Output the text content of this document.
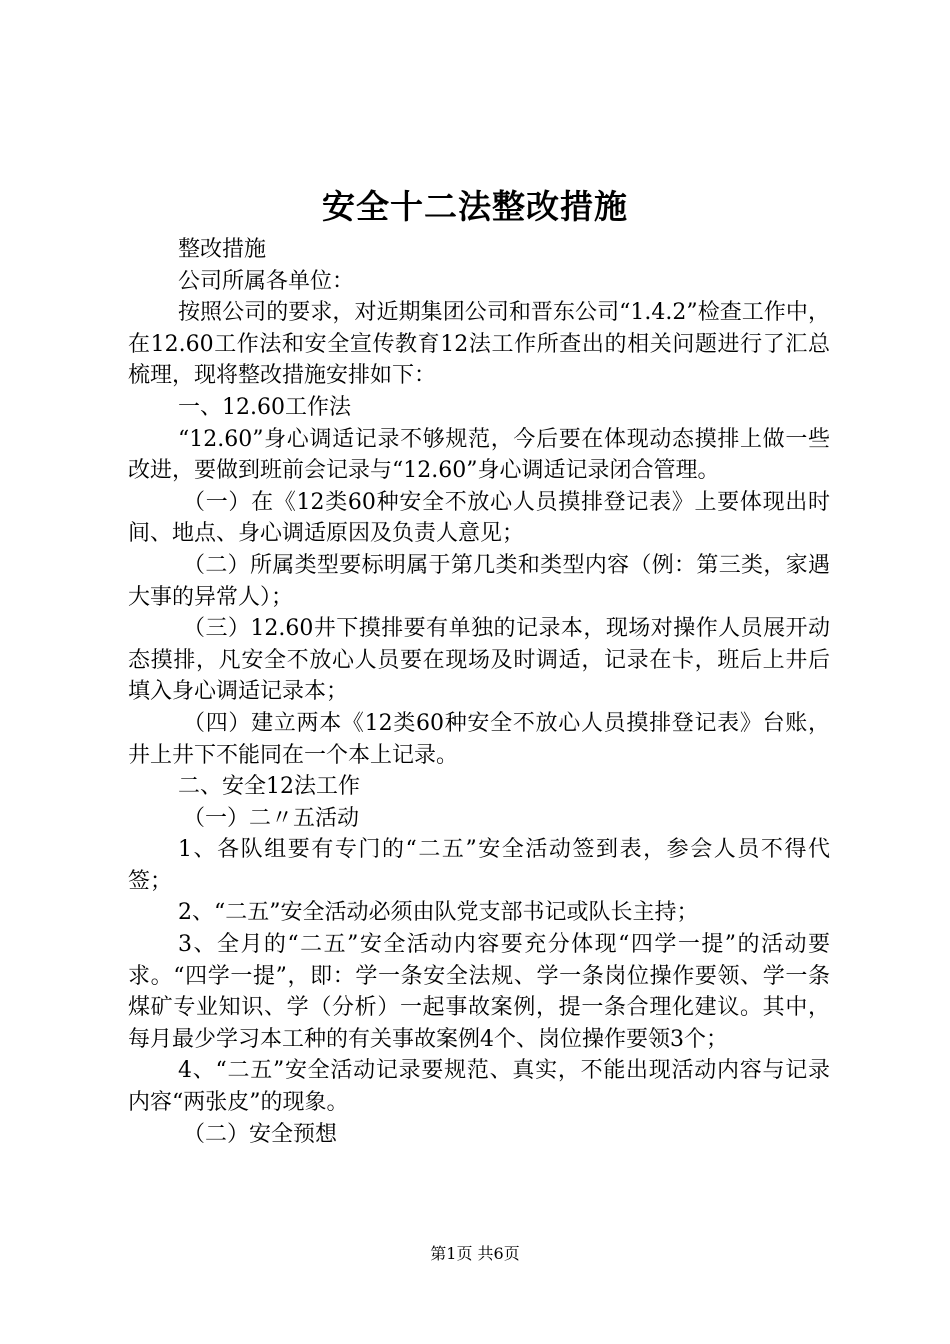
安全十二法整改措施

整改措施

公司所属各单位：

按照公司的要求，对近期集团公司和晋东公司“1.4.2”检查工作中，在12.60工作法和安全宣传教育12法工作所查出的相关问题进行了汇总梳理，现将整改措施安排如下：

一、12.60工作法

“12.60”身心调适记录不够规范，今后要在体现动态摸排上做一些改进，要做到班前会记录与“12.60”身心调适记录闭合管理。

（一）在《12类60种安全不放心人员摸排登记表》上要体现出时间、地点、身心调适原因及负责人意见；

（二）所属类型要标明属于第几类和类型内容（例：第三类，家遇大事的异常人）；

（三）12.60井下摸排要有单独的记录本，现场对操作人员展开动态摸排，凡安全不放心人员要在现场及时调适，记录在卡，班后上井后填入身心调适记录本；

（四）建立两本《12类60种安全不放心人员摸排登记表》台账，井上井下不能同在一个本上记录。

二、安全12法工作

（一）二〃五活动

1、各队组要有专门的“二五”安全活动签到表，参会人员不得代签；

2、“二五”安全活动必须由队党支部书记或队长主持；

3、全月的“二五”安全活动内容要充分体现“四学一提”的活动要求。“四学一提”，即：学一条安全法规、学一条岗位操作要领、学一条煤矿专业知识、学（分析）一起事故案例，提一条合理化建议。其中，每月最少学习本工种的有关事故案例4个、岗位操作要领3个；

4、“二五”安全活动记录要规范、真实，不能出现活动内容与记录内容“两张皮”的现象。

（二）安全预想

第1页 共6页
